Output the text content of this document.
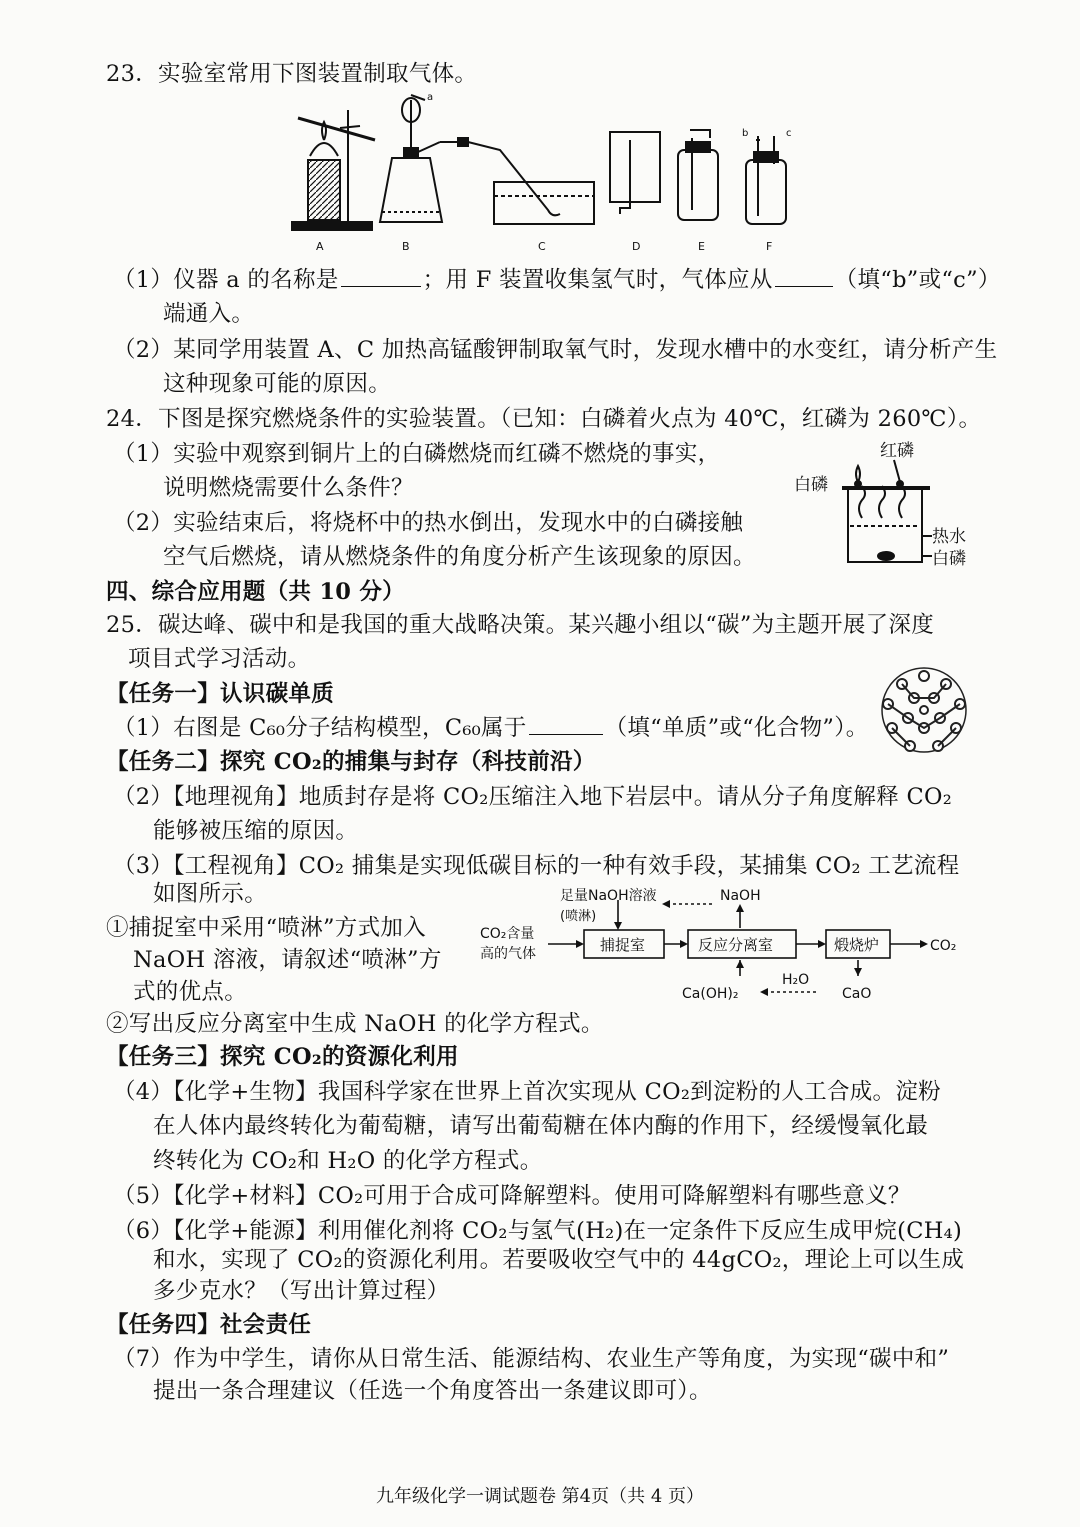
23．实验室常用下图装置制取气体。
A	B	C	D	E	F
a
b	c
（1）仪器 a 的名称是	；用 F 装置收集氢气时，气体应从	（填“b”或“c”）
端通入。
（2）某同学用装置 A、C 加热高锰酸钾制取氧气时，发现水槽中的水变红，请分析产生
这种现象可能的原因。
24．下图是探究燃烧条件的实验装置。（已知：白磷着火点为 40℃，红磷为 260℃）。
（1）实验中观察到铜片上的白磷燃烧而红磷不燃烧的事实，
说明燃烧需要什么条件？
（2）实验结束后，将烧杯中的热水倒出，发现水中的白磷接触
空气后燃烧，请从燃烧条件的角度分析产生该现象的原因。
红磷
白磷
热水
白磷
四、综合应用题（共 10 分）
25．碳达峰、碳中和是我国的重大战略决策。某兴趣小组以“碳”为主题开展了深度
项目式学习活动。
【任务一】认识碳单质
（1）右图是 C₆₀分子结构模型，C₆₀属于	（填“单质”或“化合物”）。
【任务二】探究 CO₂的捕集与封存（科技前沿）
（2）【地理视角】地质封存是将 CO₂压缩注入地下岩层中。请从分子角度解释 CO₂
能够被压缩的原因。
（3）【工程视角】CO₂ 捕集是实现低碳目标的一种有效手段，某捕集 CO₂ 工艺流程
如图所示。
①捕捉室中采用“喷淋”方式加入
NaOH 溶液，请叙述“喷淋”方
式的优点。
CO₂含量
高的气体
足量NaOH溶液
(喷淋)
NaOH
捕捉室	反应分离室	煅烧炉	CO₂
Ca(OH)₂
H₂O
CaO
②写出反应分离室中生成 NaOH 的化学方程式。
【任务三】探究 CO₂的资源化利用
（4）【化学+生物】我国科学家在世界上首次实现从 CO₂到淀粉的人工合成。淀粉
在人体内最终转化为葡萄糖，请写出葡萄糖在体内酶的作用下，经缓慢氧化最
终转化为 CO₂和 H₂O 的化学方程式。
（5）【化学+材料】CO₂可用于合成可降解塑料。使用可降解塑料有哪些意义？
（6）【化学+能源】利用催化剂将 CO₂与氢气(H₂)在一定条件下反应生成甲烷(CH₄)
和水，实现了 CO₂的资源化利用。若要吸收空气中的 44gCO₂，理论上可以生成
多少克水？（写出计算过程）
【任务四】社会责任
（7）作为中学生，请你从日常生活、能源结构、农业生产等角度，为实现“碳中和”
提出一条合理建议（任选一个角度答出一条建议即可）。
九年级化学一调试题卷 第4页（共 4 页）
